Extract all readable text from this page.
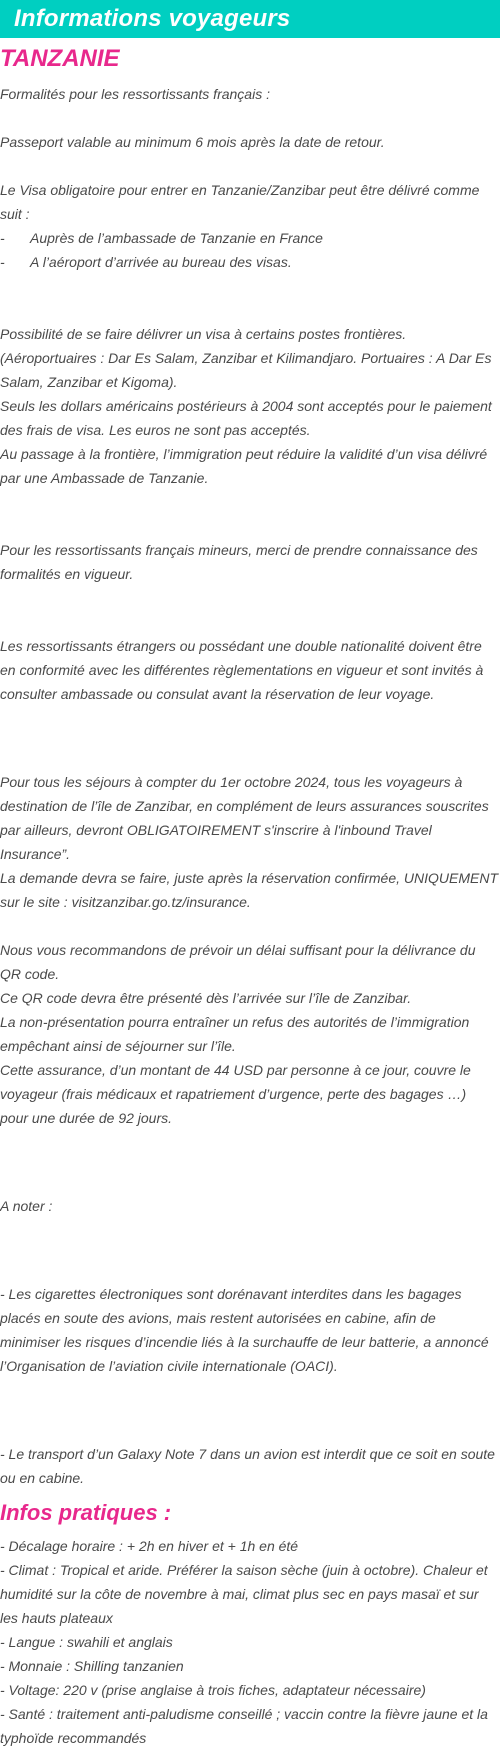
Informations voyageurs
TANZANIE

Formalités pour les ressortissants français :

Passeport valable au minimum 6 mois après la date de retour.

Le Visa obligatoire pour entrer en Tanzanie/Zanzibar peut être délivré comme suit :

-	Auprès de l’ambassade de Tanzanie en France
-	A l’aéroport d’arrivée au bureau des visas.

Possibilité de se faire délivrer un visa à certains postes frontières.

(Aéroportuaires : Dar Es Salam, Zanzibar et Kilimandjaro. Portuaires : A Dar Es Salam, Zanzibar et Kigoma).

Seuls les dollars américains postérieurs à 2004 sont acceptés pour le paiement des frais de visa. Les euros ne sont pas acceptés.

Au passage à la frontière, l’immigration peut réduire la validité d’un visa délivré par une Ambassade de Tanzanie.

Pour les ressortissants français mineurs, merci de prendre connaissance des formalités en vigueur.

Les ressortissants étrangers ou possédant une double nationalité doivent être en conformité avec les différentes règlementations en vigueur et sont invités à consulter ambassade ou consulat avant la réservation de leur voyage.

Pour tous les séjours à compter du 1er octobre 2024, tous les voyageurs à destination de l’île de Zanzibar, en complément de leurs assurances souscrites par ailleurs, devront OBLIGATOIREMENT s'inscrire à l'inbound Travel Insurance”.

La demande devra se faire, juste après la réservation confirmée, UNIQUEMENT sur le site : visitzanzibar.go.tz/insurance.

Nous vous recommandons de prévoir un délai suffisant pour la délivrance du QR code.

Ce QR code devra être présenté dès l’arrivée sur l’île de Zanzibar.

La non-présentation pourra entraîner un refus des autorités de l’immigration empêchant ainsi de séjourner sur l’île.

Cette assurance, d’un montant de 44 USD par personne à ce jour, couvre le voyageur (frais médicaux et rapatriement d’urgence, perte des bagages …) pour une durée de 92 jours.

A noter :

- Les cigarettes électroniques sont dorénavant interdites dans les bagages placés en soute des avions, mais restent autorisées en cabine, afin de minimiser les risques d’incendie liés à la surchauffe de leur batterie, a annoncé l’Organisation de l’aviation civile internationale (OACI).

- Le transport d’un Galaxy Note 7 dans un avion est interdit que ce soit en soute ou en cabine.

Infos pratiques :

- Décalage horaire : + 2h en hiver et + 1h en été

- Climat : Tropical et aride. Préférer la saison sèche (juin à octobre). Chaleur et humidité sur la côte de novembre à mai, climat plus sec en pays masaï et sur les hauts plateaux

- Langue : swahili et anglais

- Monnaie : Shilling tanzanien

- Voltage: 220 v (prise anglaise à trois fiches, adaptateur nécessaire)

- Santé : traitement anti-paludisme conseillé ; vaccin contre la fièvre jaune et la typhoïde recommandés
